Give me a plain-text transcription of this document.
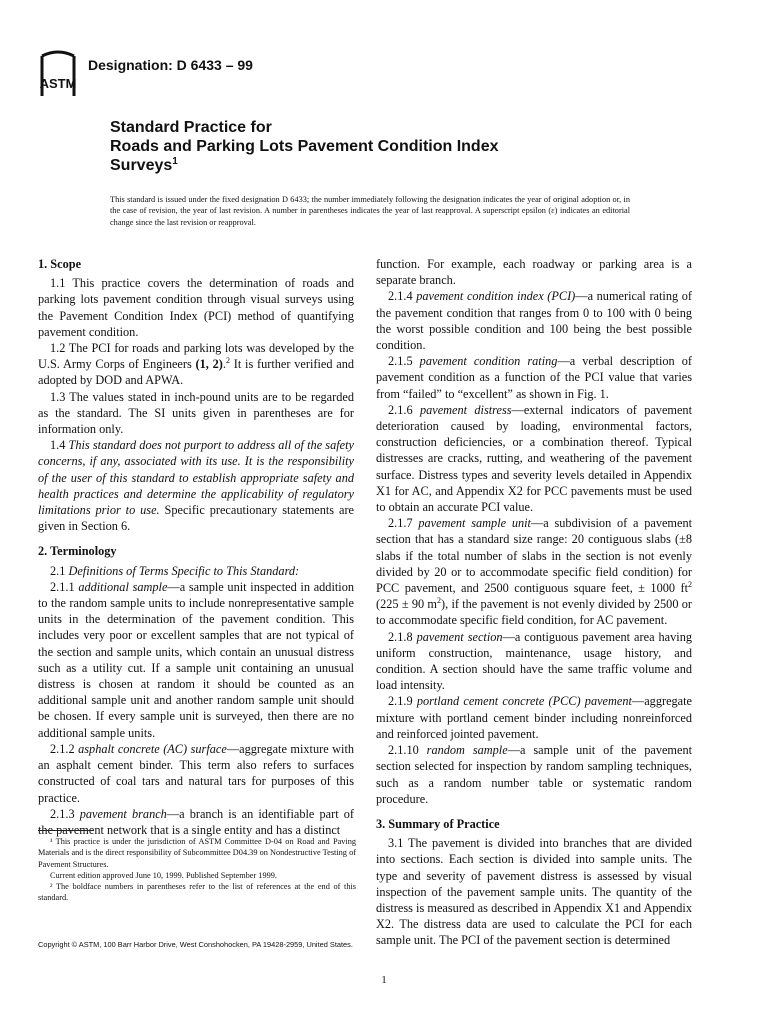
ASTM
Designation: D 6433 – 99
Standard Practice for
Roads and Parking Lots Pavement Condition Index
Surveys$^1$
This standard is issued under the fixed designation D 6433; the number immediately following the designation indicates the year of original adoption or, in the case of revision, the year of last revision. A number in parentheses indicates the year of last reapproval. A superscript epsilon (ε) indicates an editorial change since the last revision or reapproval.
1. Scope

1.1 This practice covers the determination of roads and parking lots pavement condition through visual surveys using the Pavement Condition Index (PCI) method of quantifying pavement condition.

1.2 The PCI for roads and parking lots was developed by the U.S. Army Corps of Engineers (1, 2).$^2$ It is further verified and adopted by DOD and APWA.

1.3 The values stated in inch-pound units are to be regarded as the standard. The SI units given in parentheses are for information only.

1.4 This standard does not purport to address all of the safety concerns, if any, associated with its use. It is the responsibility of the user of this standard to establish appropriate safety and health practices and determine the applicability of regulatory limitations prior to use. Specific precautionary statements are given in Section 6.

2. Terminology

2.1 Definitions of Terms Specific to This Standard:

2.1.1 additional sample—a sample unit inspected in addition to the random sample units to include nonrepresentative sample units in the determination of the pavement condition. This includes very poor or excellent samples that are not typical of the section and sample units, which contain an unusual distress such as a utility cut. If a sample unit containing an unusual distress is chosen at random it should be counted as an additional sample unit and another random sample unit should be chosen. If every sample unit is surveyed, then there are no additional sample units.

2.1.2 asphalt concrete (AC) surface—aggregate mixture with an asphalt cement binder. This term also refers to surfaces constructed of coal tars and natural tars for purposes of this practice.

2.1.3 pavement branch—a branch is an identifiable part of the pavement network that is a single entity and has a distinct

function. For example, each roadway or parking area is a separate branch.

2.1.4 pavement condition index (PCI)—a numerical rating of the pavement condition that ranges from 0 to 100 with 0 being the worst possible condition and 100 being the best possible condition.

2.1.5 pavement condition rating—a verbal description of pavement condition as a function of the PCI value that varies from “failed” to “excellent” as shown in Fig. 1.

2.1.6 pavement distress—external indicators of pavement deterioration caused by loading, environmental factors, construction deficiencies, or a combination thereof. Typical distresses are cracks, rutting, and weathering of the pavement surface. Distress types and severity levels detailed in Appendix X1 for AC, and Appendix X2 for PCC pavements must be used to obtain an accurate PCI value.

2.1.7 pavement sample unit—a subdivision of a pavement section that has a standard size range: 20 contiguous slabs (±8 slabs if the total number of slabs in the section is not evenly divided by 20 or to accommodate specific field condition) for PCC pavement, and 2500 contiguous square feet, ± 1000 $ft^2$ (225 ± 90 $m^2$), if the pavement is not evenly divided by 2500 or to accommodate specific field condition, for AC pavement.

2.1.8 pavement section—a contiguous pavement area having uniform construction, maintenance, usage history, and condition. A section should have the same traffic volume and load intensity.

2.1.9 portland cement concrete (PCC) pavement—aggregate mixture with portland cement binder including nonreinforced and reinforced jointed pavement.

2.1.10 random sample—a sample unit of the pavement section selected for inspection by random sampling techniques, such as a random number table or systematic random procedure.

3. Summary of Practice

3.1 The pavement is divided into branches that are divided into sections. Each section is divided into sample units. The type and severity of pavement distress is assessed by visual inspection of the pavement sample units. The quantity of the distress is measured as described in Appendix X1 and Appendix X2. The distress data are used to calculate the PCI for each sample unit. The PCI of the pavement section is determined

¹ This practice is under the jurisdiction of ASTM Committee D-04 on Road and Paving Materials and is the direct responsibility of Subcommittee D04.39 on Nondestructive Testing of Pavement Structures.

Current edition approved June 10, 1999. Published September 1999.

² The boldface numbers in parentheses refer to the list of references at the end of this standard.

Copyright © ASTM, 100 Barr Harbor Drive, West Conshohocken, PA 19428-2959, United States.
1
